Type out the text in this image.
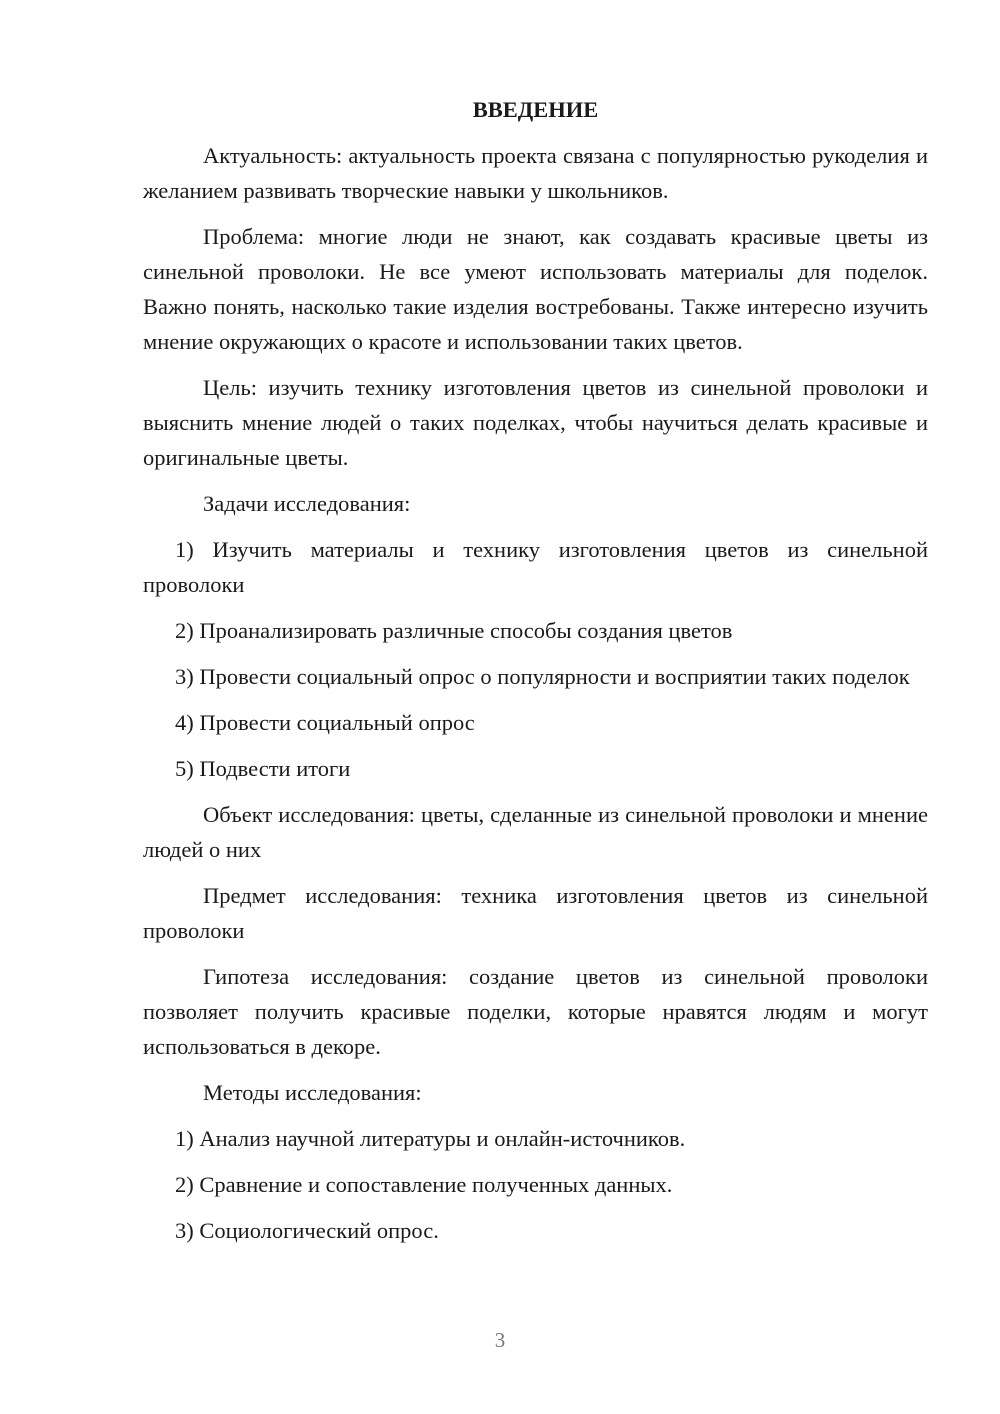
ВВЕДЕНИЕ

Актуальность: актуальность проекта связана с популярностью рукоделия и желанием развивать творческие навыки у школьников.

Проблема: многие люди не знают, как создавать красивые цветы из синельной проволоки. Не все умеют использовать материалы для поделок. Важно понять, насколько такие изделия востребованы. Также интересно изучить мнение окружающих о красоте и использовании таких цветов.

Цель: изучить технику изготовления цветов из синельной проволоки и выяснить мнение людей о таких поделках, чтобы научиться делать красивые и оригинальные цветы.

Задачи исследования:

1) Изучить материалы и технику изготовления цветов из синельной проволоки

2) Проанализировать различные способы создания цветов

3) Провести социальный опрос о популярности и восприятии таких поделок

4) Провести социальный опрос

5) Подвести итоги

Объект исследования: цветы, сделанные из синельной проволоки и мнение людей о них

Предмет исследования: техника изготовления цветов из синельной проволоки

Гипотеза исследования: создание цветов из синельной проволоки позволяет получить красивые поделки, которые нравятся людям и могут использоваться в декоре.

Методы исследования:

1) Анализ научной литературы и онлайн-источников.

2) Сравнение и сопоставление полученных данных.

3) Социологический опрос.

3
